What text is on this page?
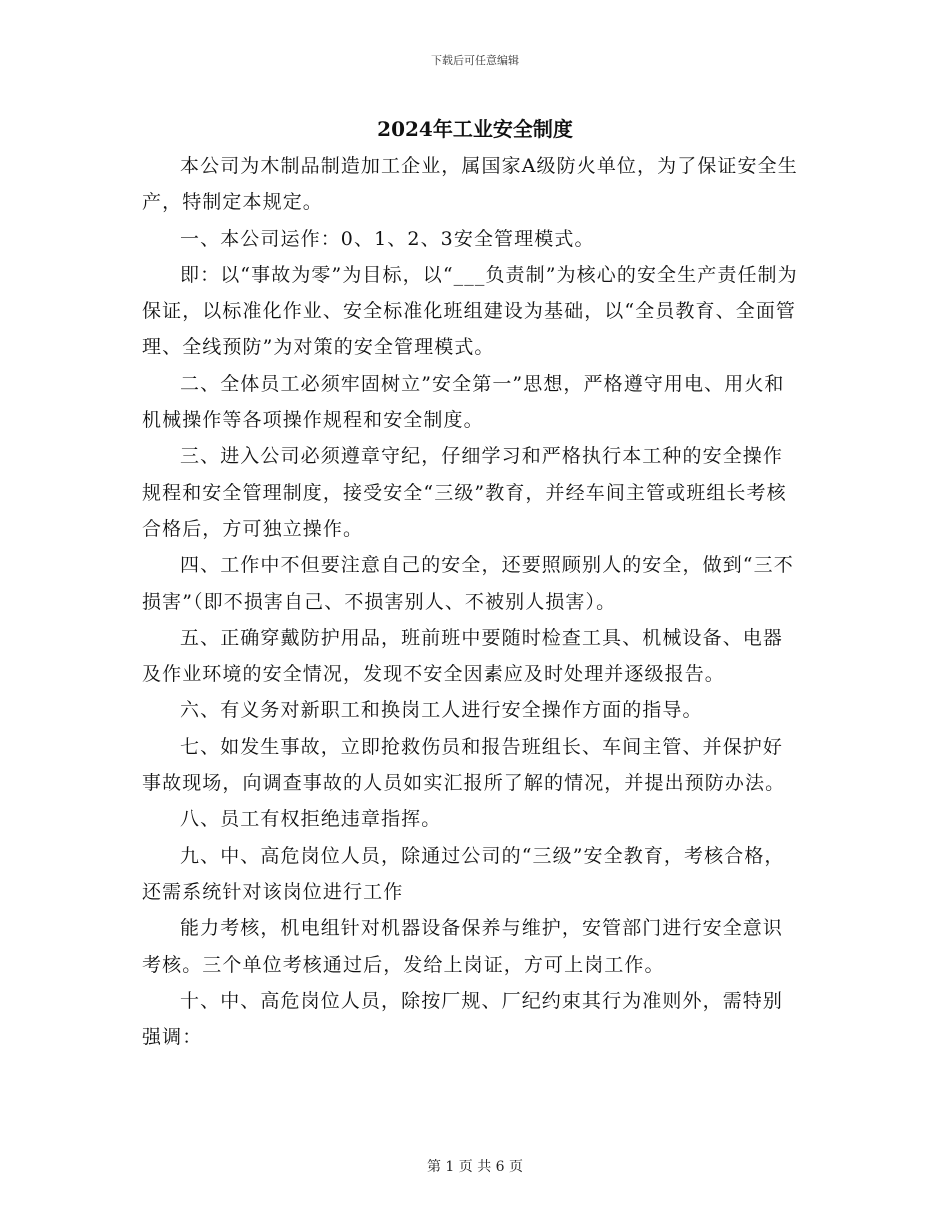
下载后可任意编辑
2024年工业安全制度

本公司为木制品制造加工企业，属国家A级防火单位，为了保证安全生产，特制定本规定。

一、本公司运作：0、1、2、3安全管理模式。

即：以“事故为零”为目标，以“___负责制”为核心的安全生产责任制为保证，以标准化作业、安全标准化班组建设为基础，以“全员教育、全面管理、全线预防”为对策的安全管理模式。

二、全体员工必须牢固树立”安全第一”思想，严格遵守用电、用火和机械操作等各项操作规程和安全制度。

三、进入公司必须遵章守纪，仔细学习和严格执行本工种的安全操作规程和安全管理制度，接受安全“三级”教育，并经车间主管或班组长考核合格后，方可独立操作。

四、工作中不但要注意自己的安全，还要照顾别人的安全，做到“三不损害”（即不损害自己、不损害别人、不被别人损害）。

五、正确穿戴防护用品，班前班中要随时检查工具、机械设备、电器及作业环境的安全情况，发现不安全因素应及时处理并逐级报告。

六、有义务对新职工和换岗工人进行安全操作方面的指导。

七、如发生事故，立即抢救伤员和报告班组长、车间主管、并保护好事故现场，向调查事故的人员如实汇报所了解的情况，并提出预防办法。

八、员工有权拒绝违章指挥。

九、中、高危岗位人员，除通过公司的“三级”安全教育，考核合格，还需系统针对该岗位进行工作

能力考核，机电组针对机器设备保养与维护，安管部门进行安全意识考核。三个单位考核通过后，发给上岗证，方可上岗工作。

十、中、高危岗位人员，除按厂规、厂纪约束其行为准则外，需特别强调：

第 1 页 共 6 页
